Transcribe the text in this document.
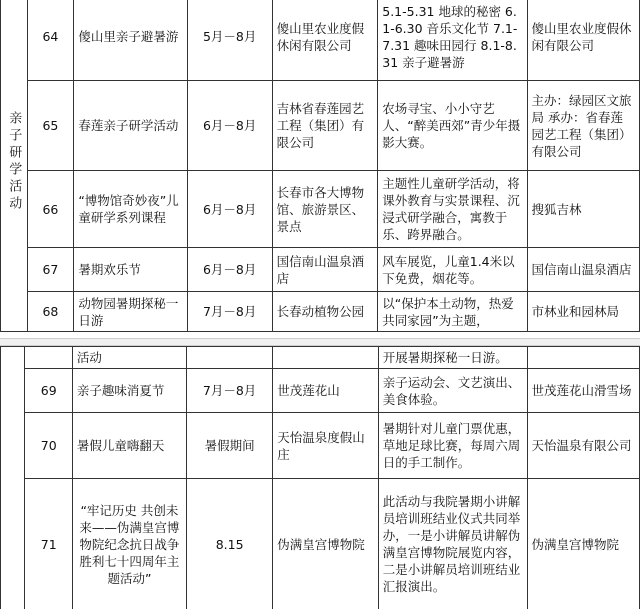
亲子研学活动	64	傻山里亲子避暑游	5月－8月	傻山里农业度假休闲有限公司	5.1-5.31 地球的秘密 6.1-6.30 音乐文化节 7.1-7.31 趣味田园行 8.1-8.31 亲子避暑游	傻山里农业度假休闲有限公司
	65	春莲亲子研学活动	6月－8月	吉林省春莲园艺工程（集团）有限公司	农场寻宝、小小守艺人、“醉美西郊”青少年摄影大赛。	主办：绿园区文旅局 承办：省春莲园艺工程（集团）有限公司
	66	“博物馆奇妙夜”儿童研学系列课程	6月－8月	长春市各大博物馆、旅游景区、景点	主题性儿童研学活动，将课外教育与实景课程、沉浸式研学融合，寓教于乐、跨界融合。	搜狐吉林
	67	暑期欢乐节	6月－8月	国信南山温泉酒店	风车展览，儿童1.4米以下免费，烟花等。	国信南山温泉酒店
	68	动物园暑期探秘一日游	7月－8月	长春动植物公园	以“保护本土动物，热爱共同家园”为主题，	市林业和园林局
		活动			开展暑期探秘一日游。	
	69	亲子趣味消夏节	7月－8月	世茂莲花山	亲子运动会、文艺演出、美食体验。	世茂莲花山滑雪场
	70	暑假儿童嗨翻天	暑假期间	天怡温泉度假山庄	暑期针对儿童门票优惠，草地足球比赛，每周六周日的手工制作。	天怡温泉有限公司
	71	“牢记历史 共创未来——伪满皇宫博物院纪念抗日战争胜利七十四周年主题活动”	8.15	伪满皇宫博物院	此活动与我院暑期小讲解员培训班结业仪式共同举办，一是小讲解员讲解伪满皇宫博物院展览内容，二是小讲解员培训班结业汇报演出。	伪满皇宫博物院
